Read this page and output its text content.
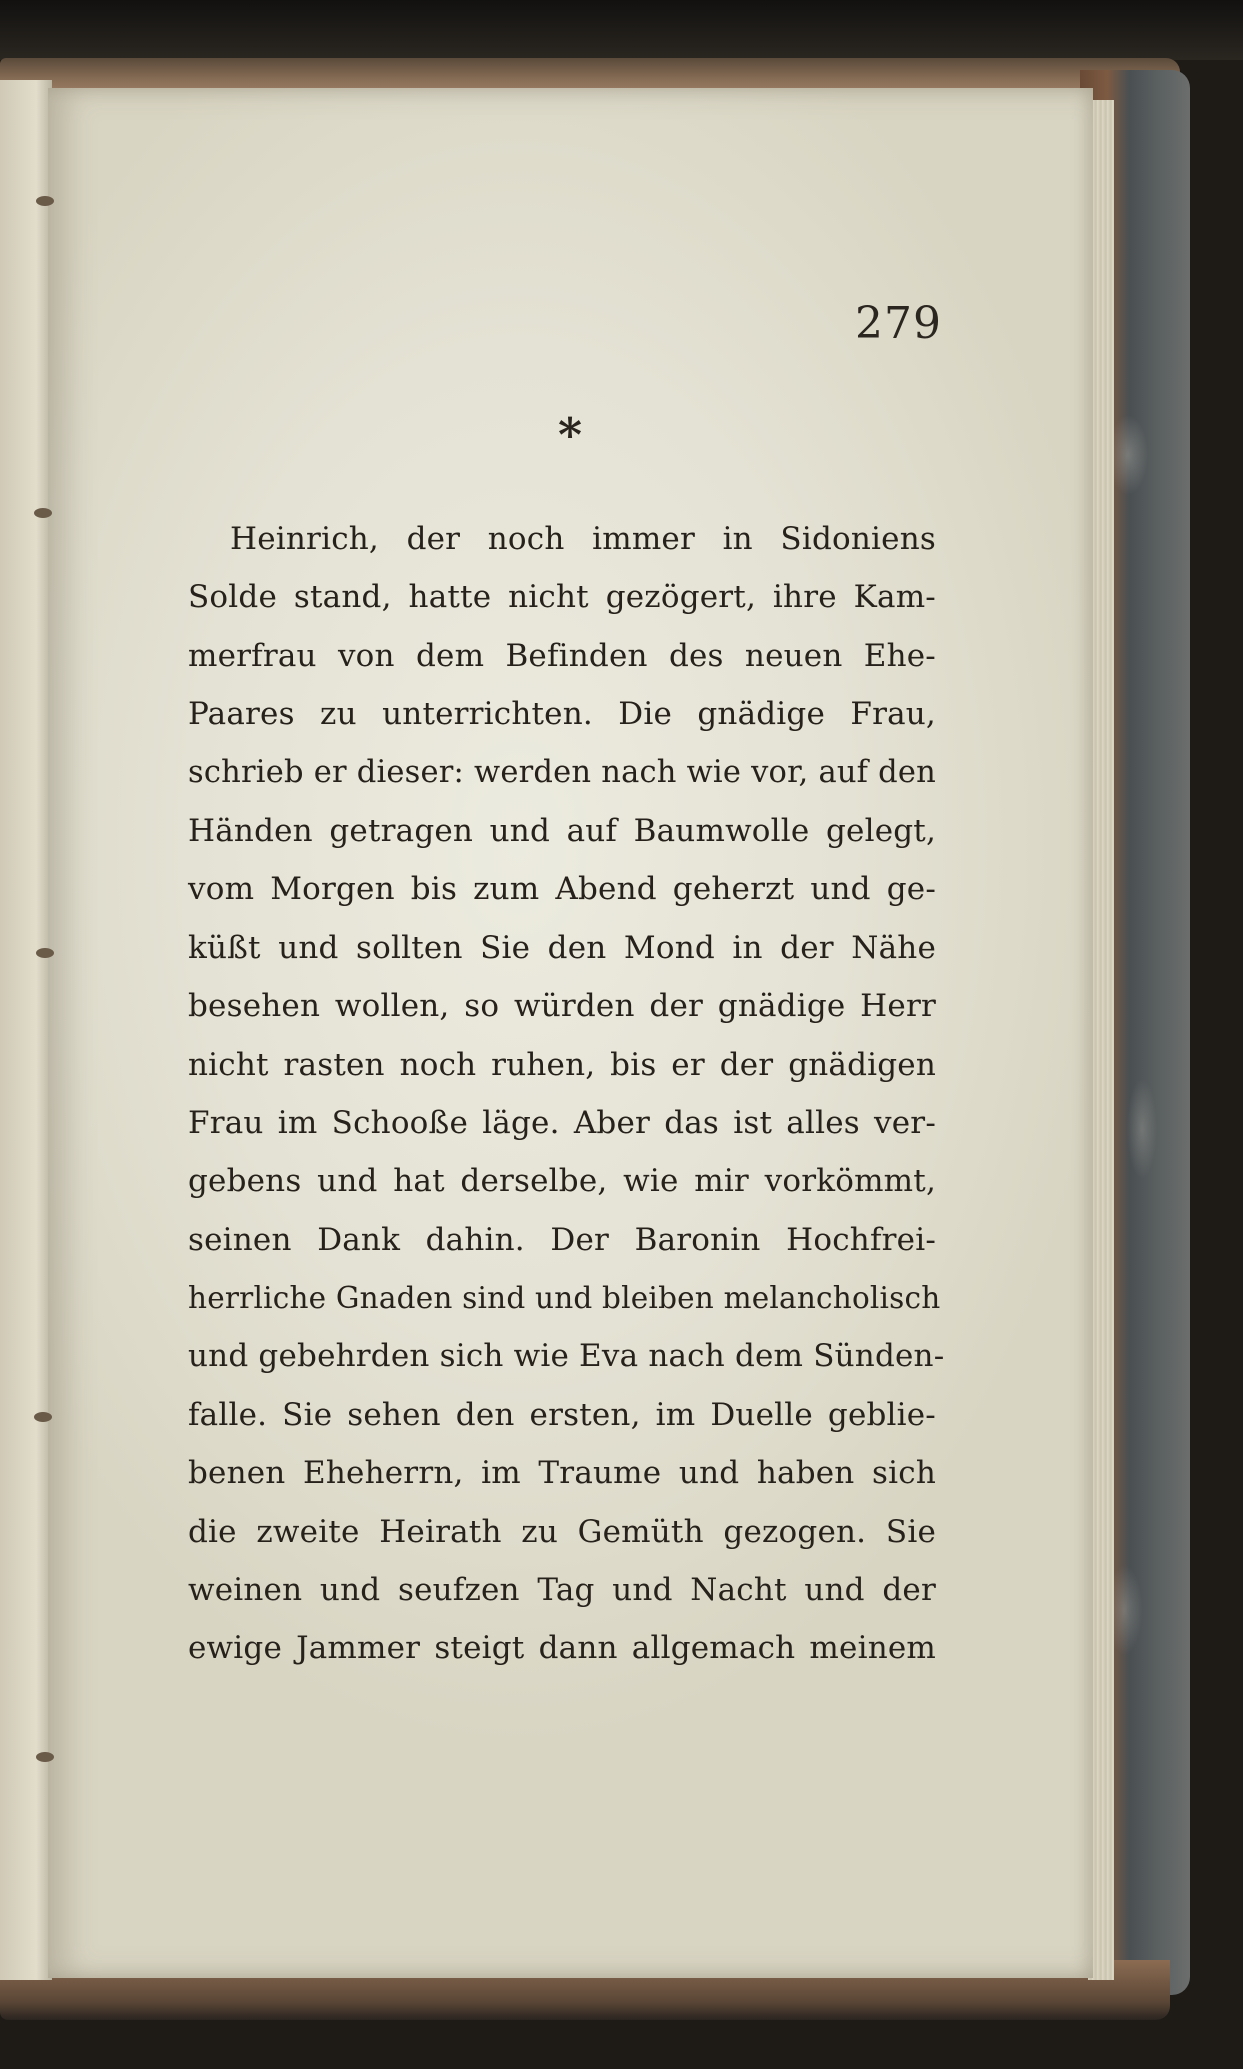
279
*
Heinrich, der noch immer in Sidoniens
Solde stand, hatte nicht gezögert, ihre Kam-
merfrau von dem Befinden des neuen Ehe-
Paares zu unterrichten. Die gnädige Frau,
schrieb er dieser: werden nach wie vor, auf den
Händen getragen und auf Baumwolle gelegt,
vom Morgen bis zum Abend geherzt und ge-
küßt und sollten Sie den Mond in der Nähe
besehen wollen, so würden der gnädige Herr
nicht rasten noch ruhen, bis er der gnädigen
Frau im Schooße läge. Aber das ist alles ver-
gebens und hat derselbe, wie mir vorkömmt,
seinen Dank dahin. Der Baronin Hochfrei-
herrliche Gnaden sind und bleiben melancholisch
und gebehrden sich wie Eva nach dem Sünden-
falle. Sie sehen den ersten, im Duelle geblie-
benen Eheherrn, im Traume und haben sich
die zweite Heirath zu Gemüth gezogen. Sie
weinen und seufzen Tag und Nacht und der
ewige Jammer steigt dann allgemach meinem
